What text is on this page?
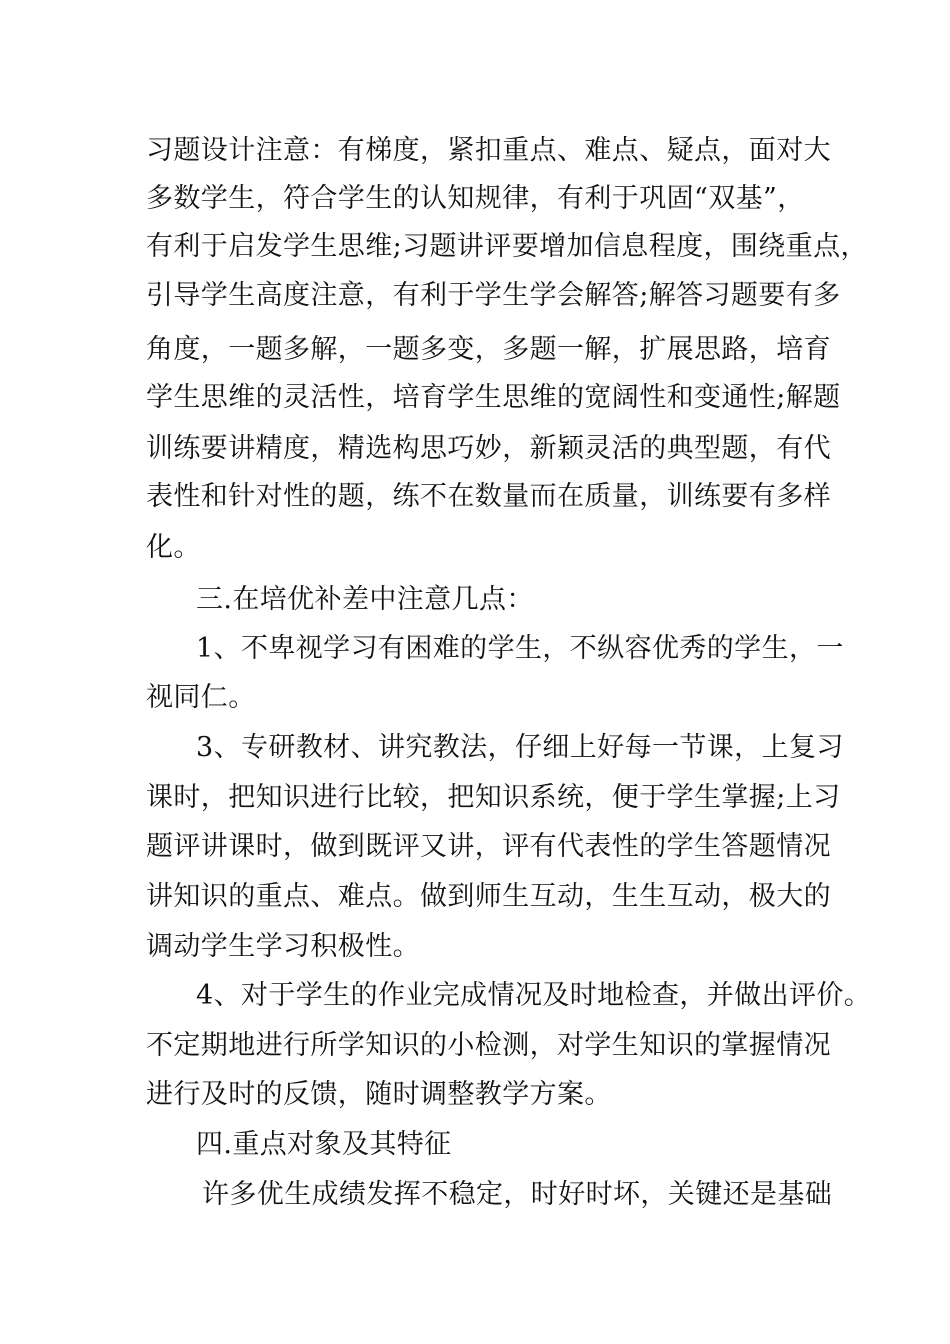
习题设计注意：有梯度，紧扣重点、难点、疑点，面对大
多数学生，符合学生的认知规律，有利于巩固“双基”，
有利于启发学生思维;习题讲评要增加信息程度，围绕重点，
引导学生高度注意，有利于学生学会解答;解答习题要有多
角度，一题多解，一题多变，多题一解，扩展思路，培育
学生思维的灵活性，培育学生思维的宽阔性和变通性;解题
训练要讲精度，精选构思巧妙，新颖灵活的典型题，有代
表性和针对性的题，练不在数量而在质量，训练要有多样
化。
三.在培优补差中注意几点：
1、不卑视学习有困难的学生，不纵容优秀的学生，一
视同仁。
3、专研教材、讲究教法，仔细上好每一节课，上复习
课时，把知识进行比较，把知识系统，便于学生掌握;上习
题评讲课时，做到既评又讲，评有代表性的学生答题情况
讲知识的重点、难点。做到师生互动，生生互动，极大的
调动学生学习积极性。
4、对于学生的作业完成情况及时地检查，并做出评价。
不定期地进行所学知识的小检测，对学生知识的掌握情况
进行及时的反馈，随时调整教学方案。
四.重点对象及其特征
许多优生成绩发挥不稳定，时好时坏，关键还是基础
